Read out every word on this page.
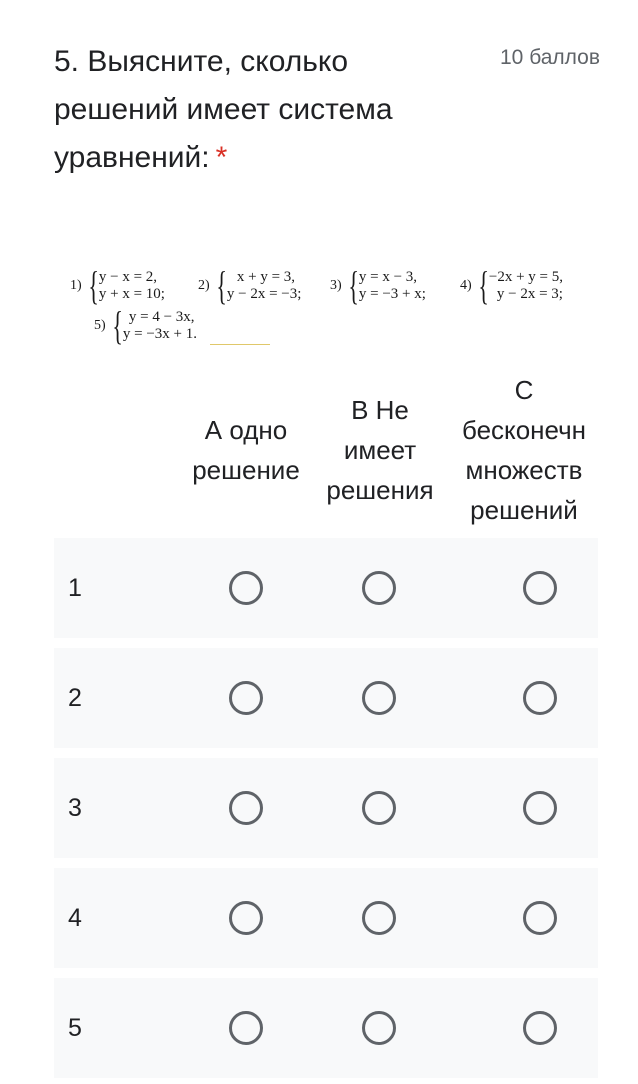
5. Выясните, сколько решений имеет система уравнений: *
10 баллов
1) { y − x = 2,
y + x = 10;
2) { x + y = 3,
y − 2x = −3;
3) { y = x − 3,
y = −3 + x;
4) { −2x + y = 5,
y − 2x = 3;
5) { y = 4 − 3x,
y = −3x + 1.
А одно
решение
В Не
имеет
решения
С
бесконечн
множеств
решений
1
2
3
4
5
